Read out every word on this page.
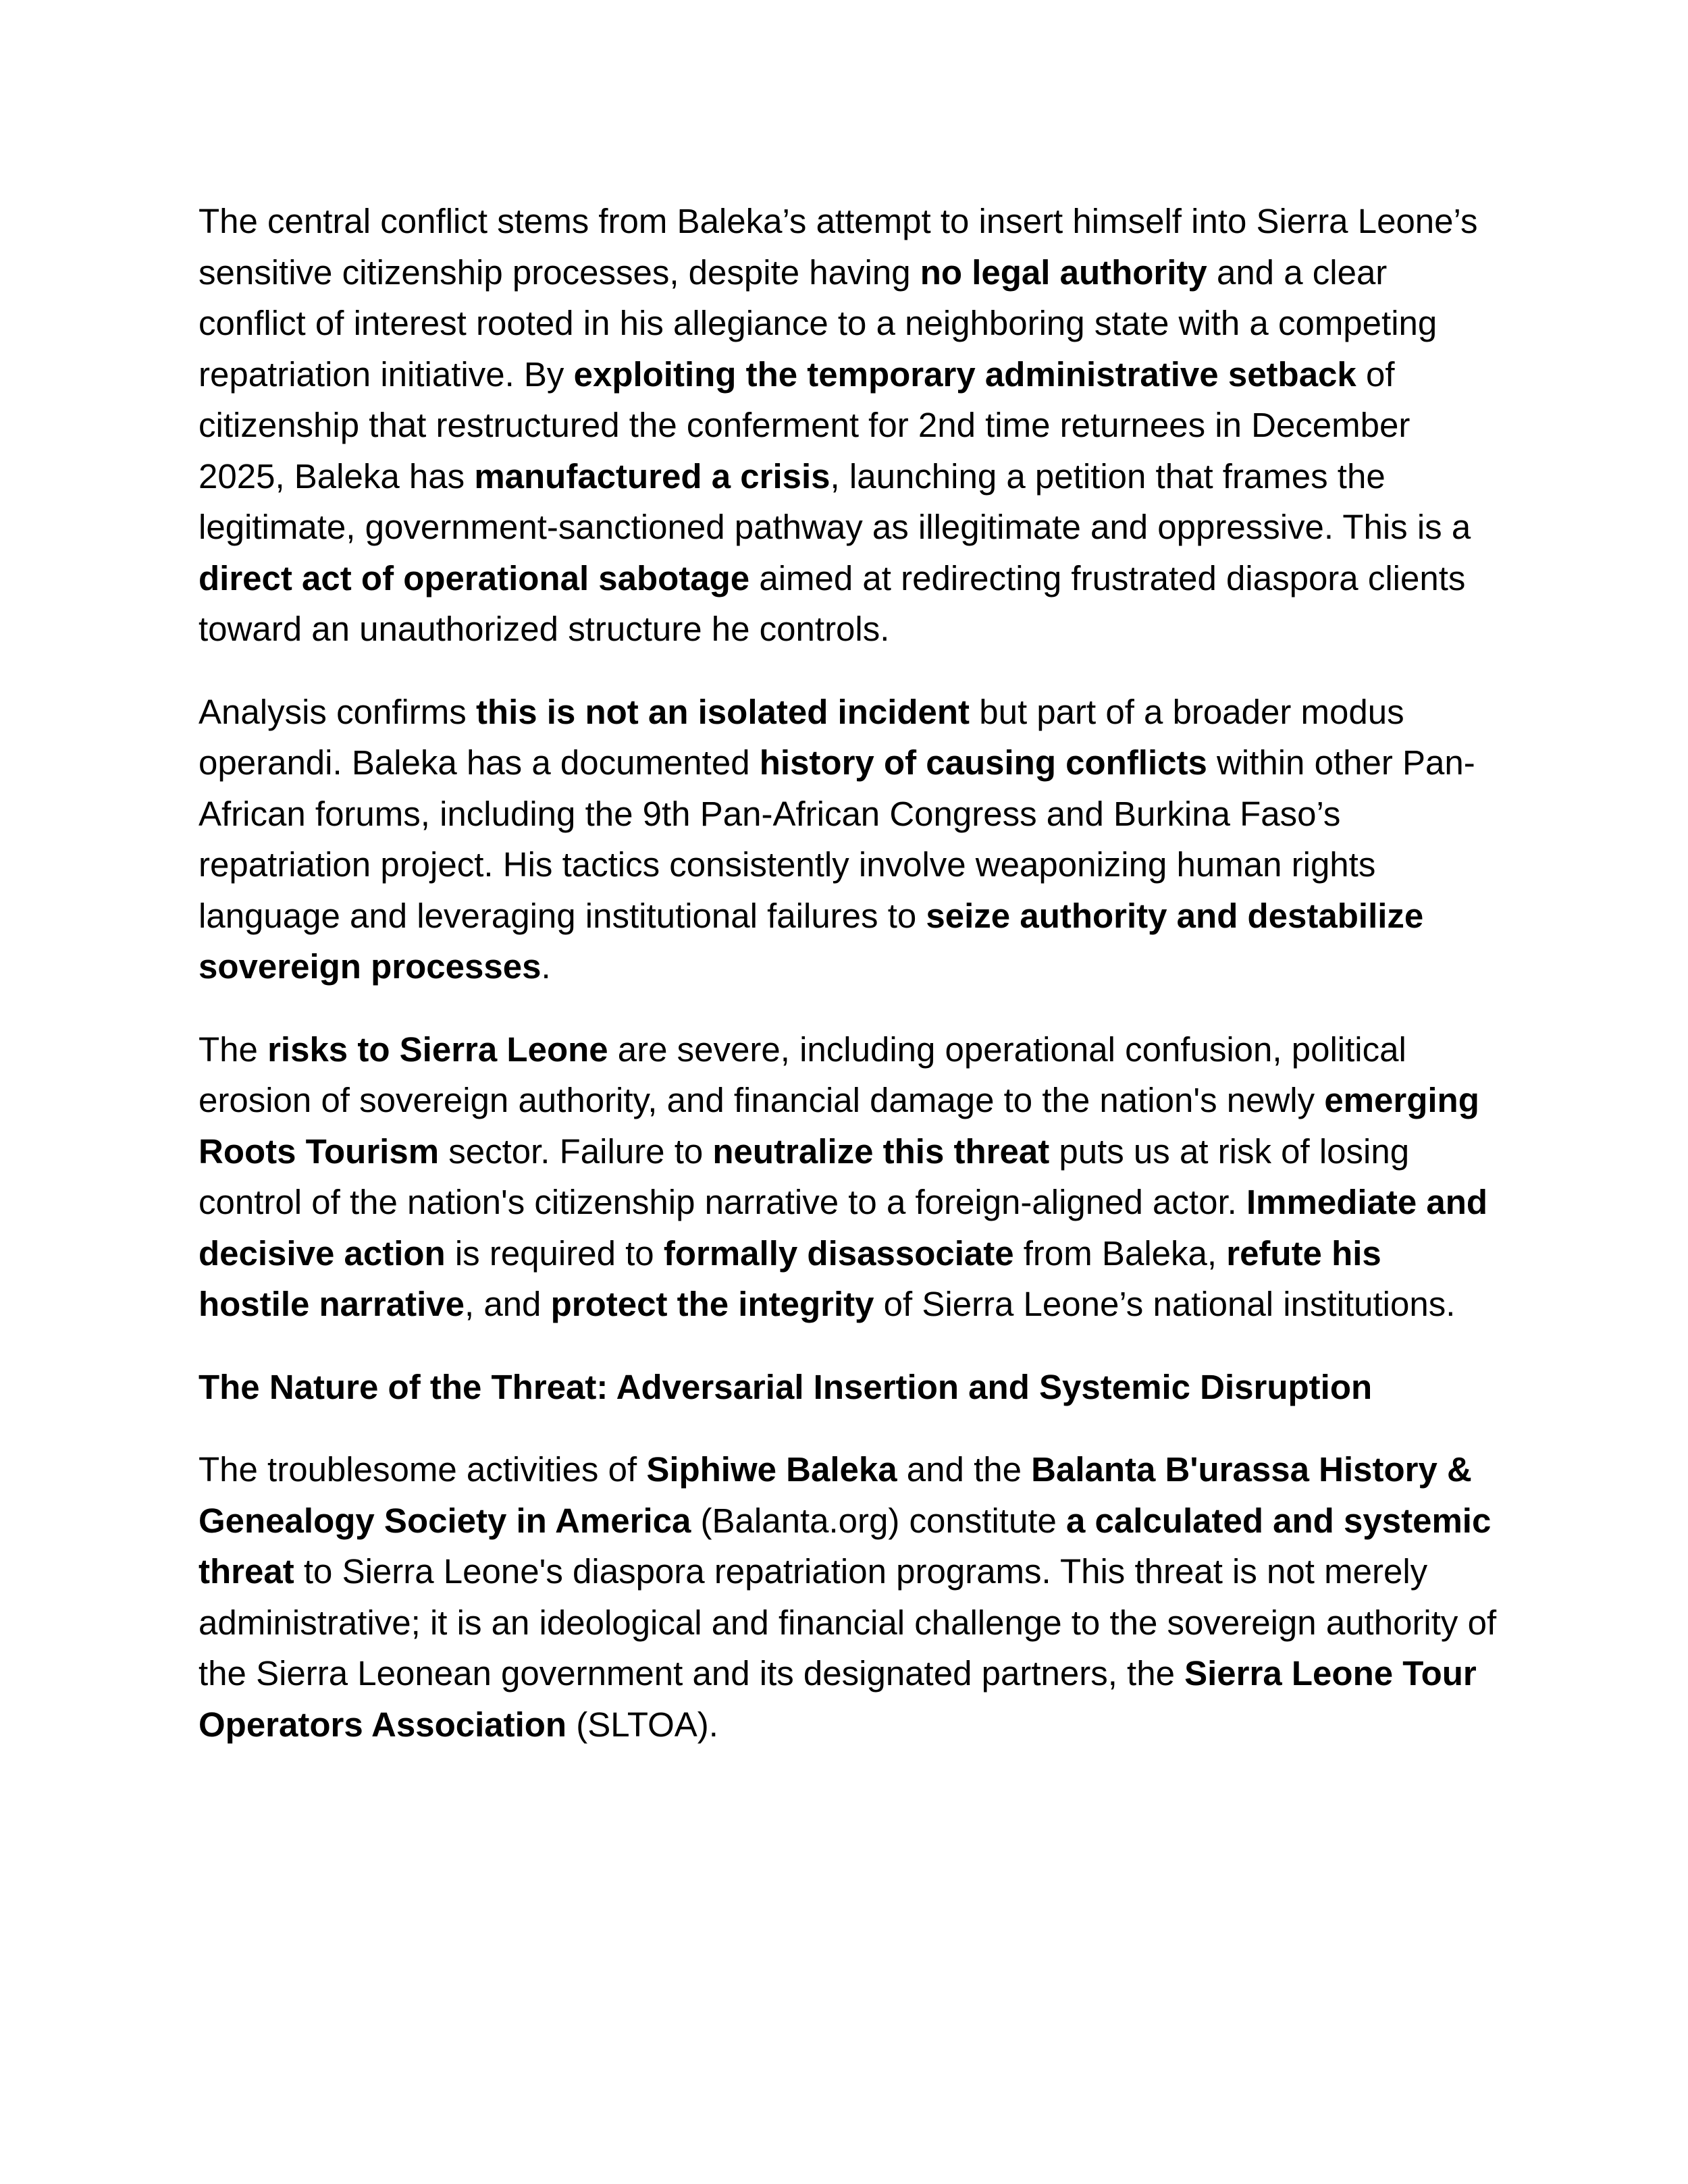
The central conflict stems from Baleka’s attempt to insert himself into Sierra Leone’s sensitive citizenship processes, despite having no legal authority and a clear conflict of interest rooted in his allegiance to a neighboring state with a competing repatriation initiative. By exploiting the temporary administrative setback of citizenship that restructured the conferment for 2nd time returnees in December 2025, Baleka has manufactured a crisis, launching a petition that frames the legitimate, government-sanctioned pathway as illegitimate and oppressive. This is a direct act of operational sabotage aimed at redirecting frustrated diaspora clients toward an unauthorized structure he controls.

Analysis confirms this is not an isolated incident but part of a broader modus operandi. Baleka has a documented history of causing conflicts within other Pan-African forums, including the 9th Pan-African Congress and Burkina Faso’s repatriation project. His tactics consistently involve weaponizing human rights language and leveraging institutional failures to seize authority and destabilize sovereign processes.

The risks to Sierra Leone are severe, including operational confusion, political erosion of sovereign authority, and financial damage to the nation's newly emerging Roots Tourism sector. Failure to neutralize this threat puts us at risk of losing control of the nation's citizenship narrative to a foreign-aligned actor. Immediate and decisive action is required to formally disassociate from Baleka, refute his hostile narrative, and protect the integrity of Sierra Leone’s national institutions.

The Nature of the Threat: Adversarial Insertion and Systemic Disruption

The troublesome activities of Siphiwe Baleka and the Balanta B'urassa History & Genealogy Society in America (Balanta.org) constitute a calculated and systemic threat to Sierra Leone's diaspora repatriation programs. This threat is not merely administrative; it is an ideological and financial challenge to the sovereign authority of the Sierra Leonean government and its designated partners, the Sierra Leone Tour Operators Association (SLTOA).
